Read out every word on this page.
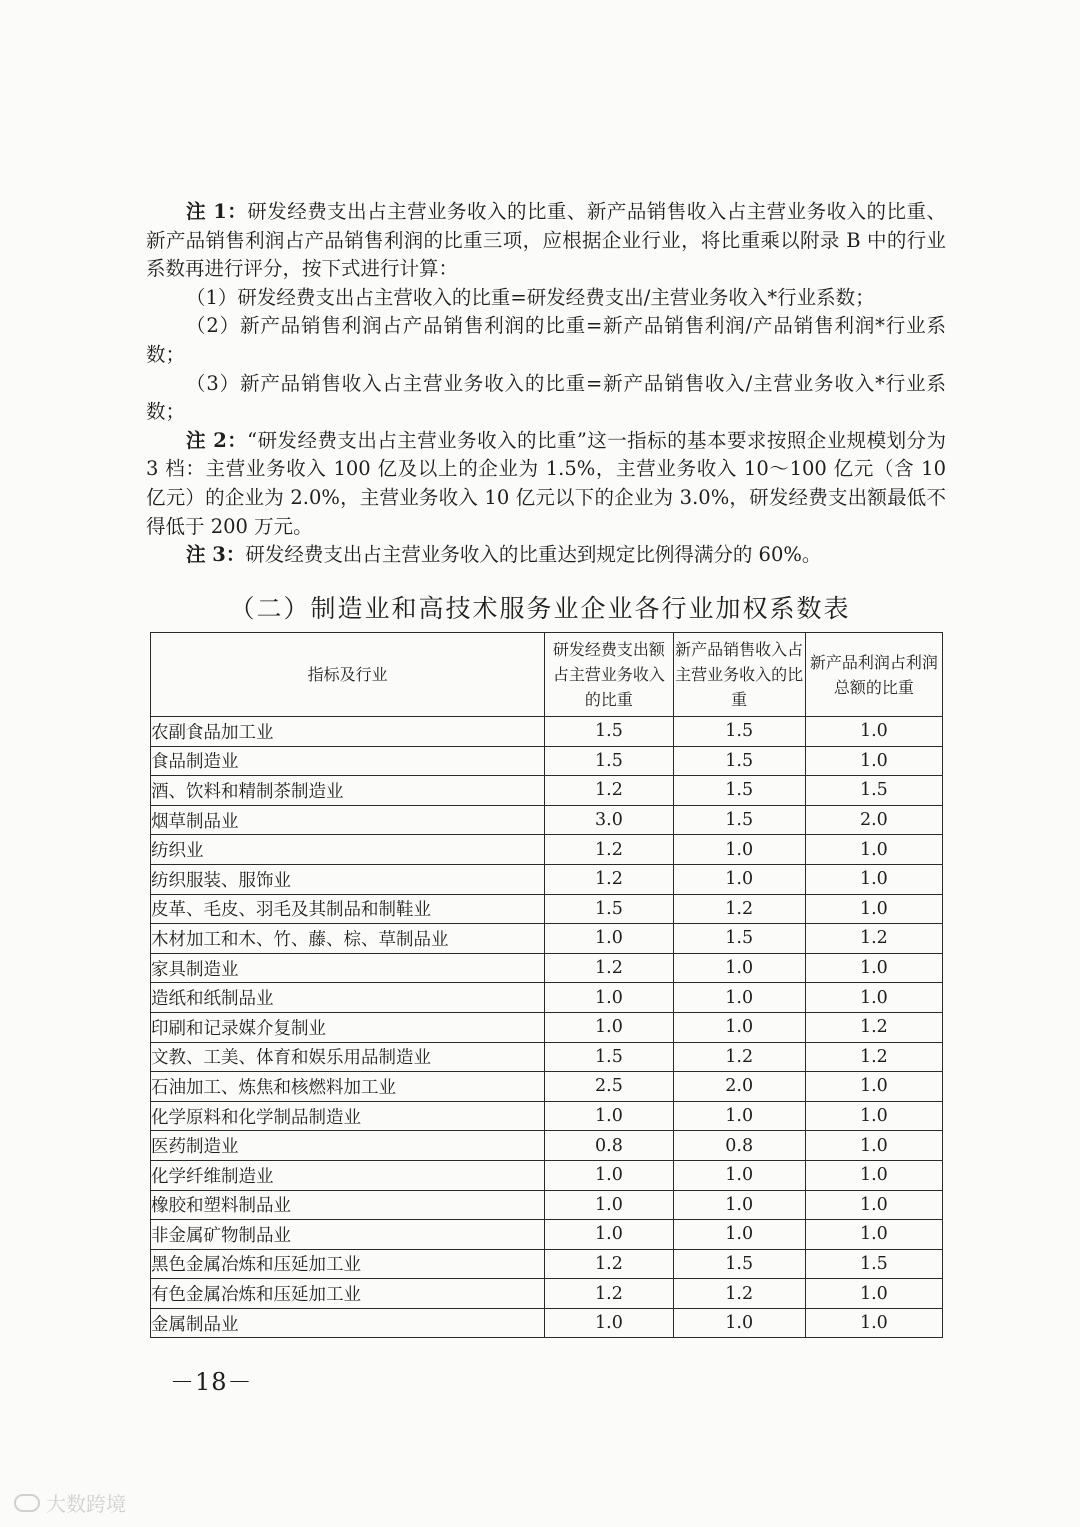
注 1：研发经费支出占主营业务收入的比重、新产品销售收入占主营业务收入的比重、新产品销售利润占产品销售利润的比重三项，应根据企业行业，将比重乘以附录 B 中的行业系数再进行评分，按下式进行计算：

（1）研发经费支出占主营收入的比重=研发经费支出/主营业务收入*行业系数；

（2）新产品销售利润占产品销售利润的比重=新产品销售利润/产品销售利润*行业系数；

（3）新产品销售收入占主营业务收入的比重=新产品销售收入/主营业务收入*行业系数；

注 2：“研发经费支出占主营业务收入的比重”这一指标的基本要求按照企业规模划分为 3 档：主营业务收入 100 亿及以上的企业为 1.5%，主营业务收入 10～100 亿元（含 10 亿元）的企业为 2.0%，主营业务收入 10 亿元以下的企业为 3.0%，研发经费支出额最低不得低于 200 万元。

注 3：研发经费支出占主营业务收入的比重达到规定比例得满分的 60%。

（二）制造业和高技术服务业企业各行业加权系数表
指标及行业	研发经费支出额占主营业务收入的比重	新产品销售收入占主营业务收入的比重	新产品利润占利润总额的比重
农副食品加工业	1.5	1.5	1.0
食品制造业	1.5	1.5	1.0
酒、饮料和精制茶制造业	1.2	1.5	1.5
烟草制品业	3.0	1.5	2.0
纺织业	1.2	1.0	1.0
纺织服装、服饰业	1.2	1.0	1.0
皮革、毛皮、羽毛及其制品和制鞋业	1.5	1.2	1.0
木材加工和木、竹、藤、棕、草制品业	1.0	1.5	1.2
家具制造业	1.2	1.0	1.0
造纸和纸制品业	1.0	1.0	1.0
印刷和记录媒介复制业	1.0	1.0	1.2
文教、工美、体育和娱乐用品制造业	1.5	1.2	1.2
石油加工、炼焦和核燃料加工业	2.5	2.0	1.0
化学原料和化学制品制造业	1.0	1.0	1.0
医药制造业	0.8	0.8	1.0
化学纤维制造业	1.0	1.0	1.0
橡胶和塑料制品业	1.0	1.0	1.0
非金属矿物制品业	1.0	1.0	1.0
黑色金属冶炼和压延加工业	1.2	1.5	1.5
有色金属冶炼和压延加工业	1.2	1.2	1.0
金属制品业	1.0	1.0	1.0
－18－
大数跨境
